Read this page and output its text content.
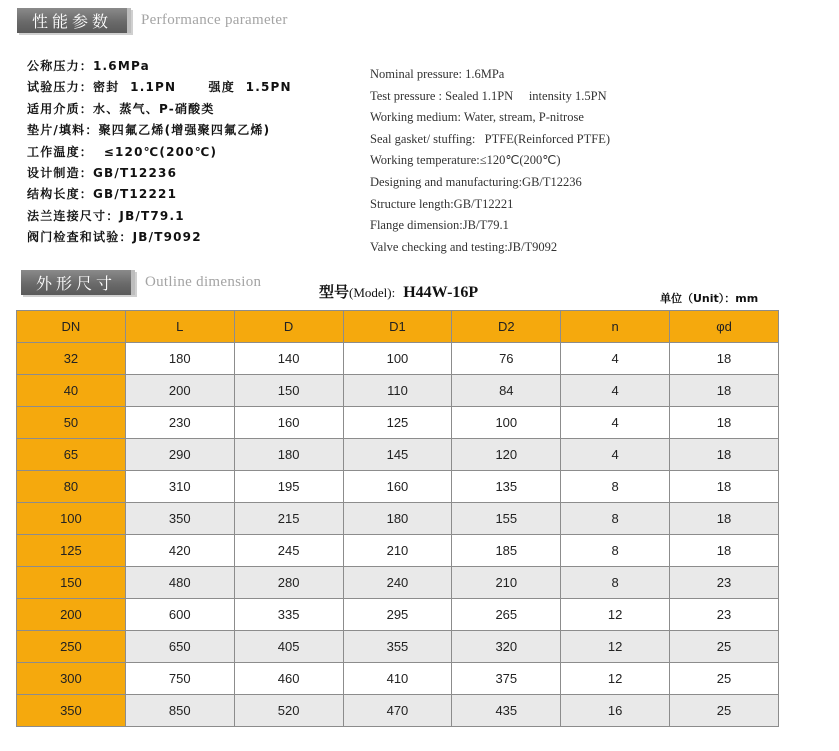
性能参数	Performance parameter
公称压力：1.6MPa
试验压力：密封  1.1PN      强度  1.5PN
适用介质：水、蒸气、P-硝酸类
垫片/填料：聚四氟乙烯(增强聚四氟乙烯)
工作温度：  ≤120℃(200℃)
设计制造：GB/T12236
结构长度：GB/T12221
法兰连接尺寸：JB/T79.1
阀门检查和试验：JB/T9092
Nominal pressure: 1.6MPa
Test pressure : Sealed 1.1PN     intensity 1.5PN
Working medium: Water, stream, P-nitrose
Seal gasket/ stuffing:   PTFE(Reinforced PTFE)
Working temperature:≤120℃(200℃)
Designing and manufacturing:GB/T12236
Structure length:GB/T12221
Flange dimension:JB/T79.1
Valve checking and testing:JB/T9092
外形尺寸	Outline dimension
型号(Model): H44W-16P	单位（Unit）：mm
DN	L	D	D1	D2	n	φd
32	180	140	100	76	4	18
40	200	150	110	84	4	18
50	230	160	125	100	4	18
65	290	180	145	120	4	18
80	310	195	160	135	8	18
100	350	215	180	155	8	18
125	420	245	210	185	8	18
150	480	280	240	210	8	23
200	600	335	295	265	12	23
250	650	405	355	320	12	25
300	750	460	410	375	12	25
350	850	520	470	435	16	25
